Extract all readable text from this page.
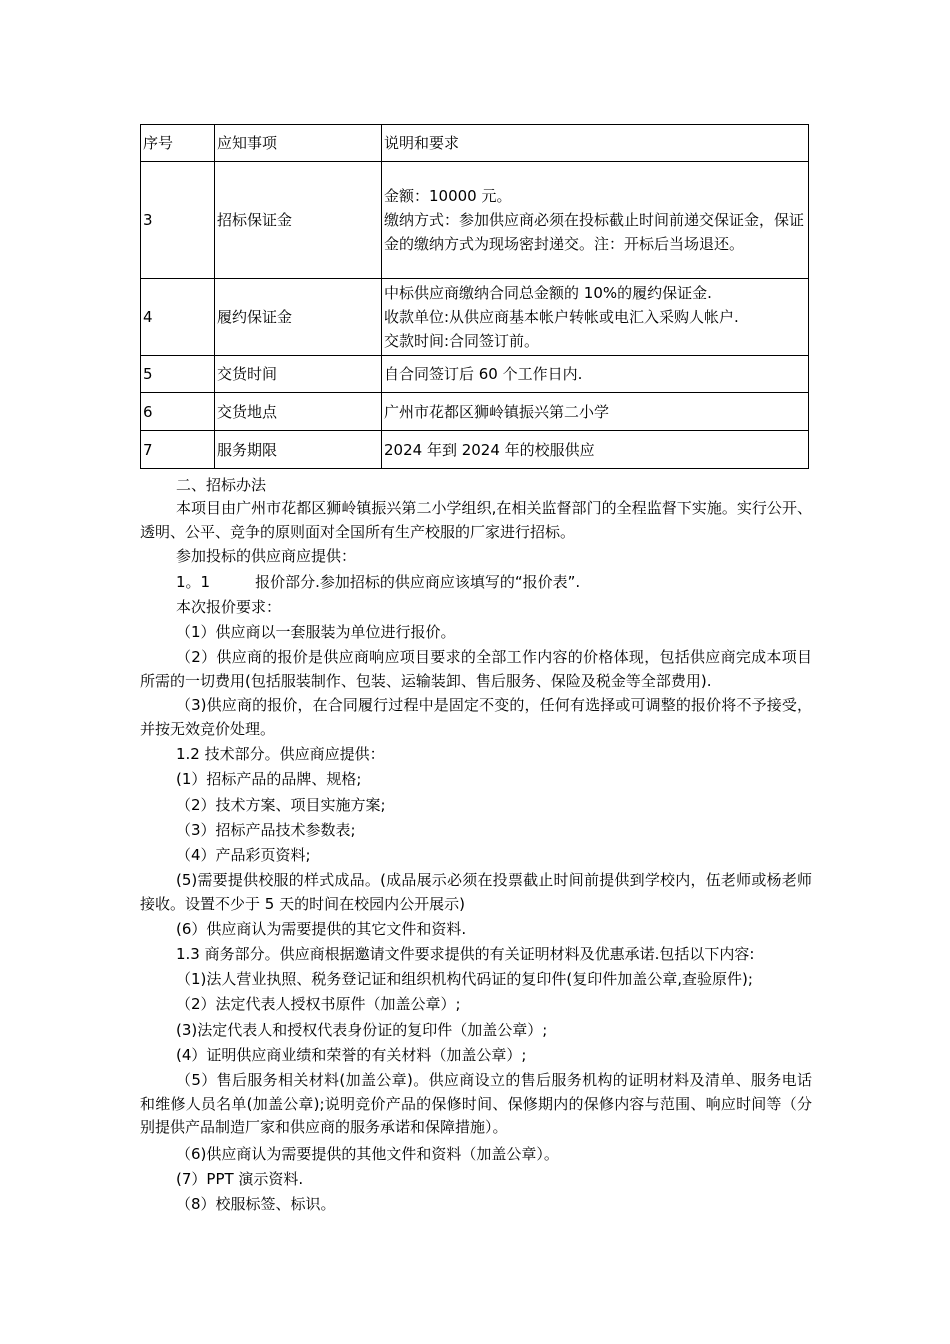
序号	应知事项	说明和要求
3	招标保证金	金额：10000 元。
缴纳方式：参加供应商必须在投标截止时间前递交保证金，保证金的缴纳方式为现场密封递交。注：开标后当场退还。

4	履约保证金	中标供应商缴纳合同总金额的 10%的履约保证金.
收款单位:从供应商基本帐户转帐或电汇入采购人帐户.
交款时间:合同签订前。

5	交货时间	自合同签订后 60 个工作日内.
6	交货地点	广州市花都区狮岭镇振兴第二小学
7	服务期限	2024 年到 2024 年的校服供应
二、招标办法
本项目由广州市花都区狮岭镇振兴第二小学组织,在相关监督部门的全程监督下实施。实行公开、透明、公平、竞争的原则面对全国所有生产校服的厂家进行招标。
参加投标的供应商应提供：
1。1　　　报价部分.参加招标的供应商应该填写的“报价表”.
本次报价要求：
（1）供应商以一套服装为单位进行报价。
（2）供应商的报价是供应商响应项目要求的全部工作内容的价格体现，包括供应商完成本项目所需的一切费用(包括服装制作、包装、运输装卸、售后服务、保险及税金等全部费用).
（3)供应商的报价，在合同履行过程中是固定不变的，任何有选择或可调整的报价将不予接受，并按无效竞价处理。
1.2 技术部分。供应商应提供：
(1）招标产品的品牌、规格;
（2）技术方案、项目实施方案;
（3）招标产品技术参数表;
（4）产品彩页资料;
(5)需要提供校服的样式成品。(成品展示必须在投票截止时间前提供到学校内，伍老师或杨老师接收。设置不少于 5 天的时间在校园内公开展示)
(6）供应商认为需要提供的其它文件和资料.
1.3 商务部分。供应商根据邀请文件要求提供的有关证明材料及优惠承诺.包括以下内容:
（1)法人营业执照、税务登记证和组织机构代码证的复印件(复印件加盖公章,查验原件);
（2）法定代表人授权书原件（加盖公章）;
(3)法定代表人和授权代表身份证的复印件（加盖公章）;
(4）证明供应商业绩和荣誉的有关材料（加盖公章）;
（5）售后服务相关材料(加盖公章)。供应商设立的售后服务机构的证明材料及清单、服务电话和维修人员名单(加盖公章);说明竞价产品的保修时间、保修期内的保修内容与范围、响应时间等（分别提供产品制造厂家和供应商的服务承诺和保障措施）。
（6)供应商认为需要提供的其他文件和资料（加盖公章）。
(7）PPT 演示资料.
（8）校服标签、标识。
